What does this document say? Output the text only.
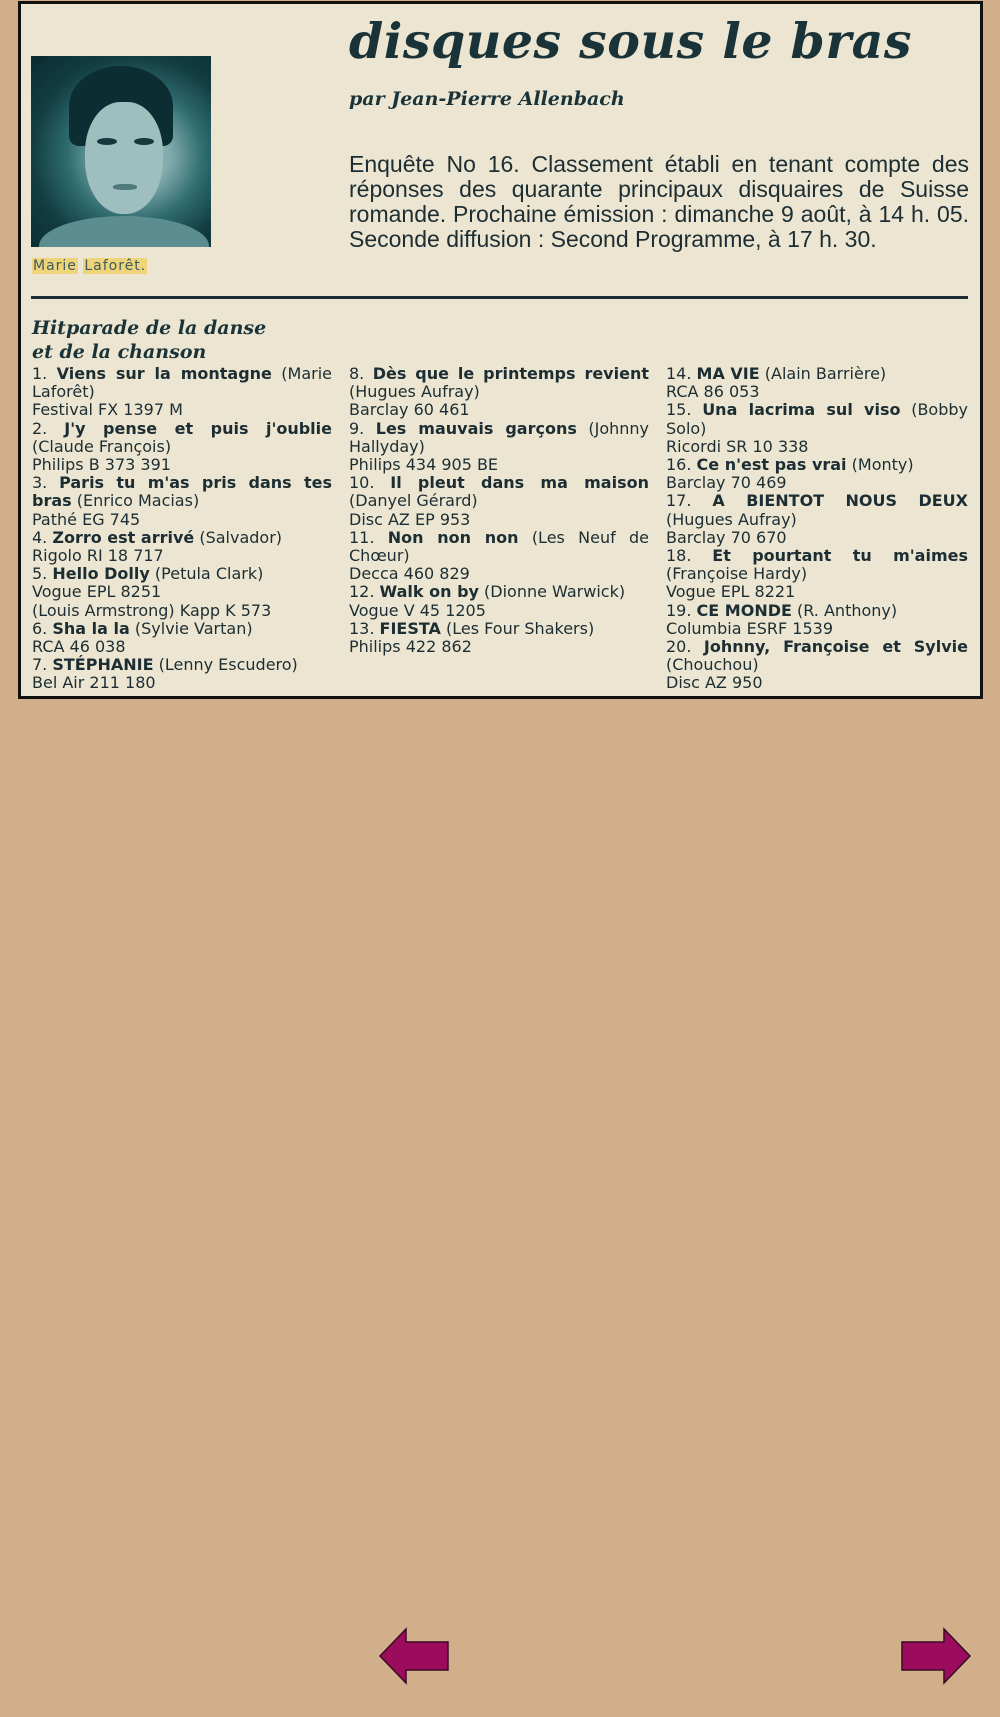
Marie Laforêt.
disques sous le bras
par Jean-Pierre Allenbach
Enquête No 16. Classement établi en tenant compte des réponses des quarante principaux disquaires de Suisse romande. Prochaine émission : dimanche 9 août, à 14 h. 05. Seconde diffusion : Second Programme, à 17 h. 30.
Hitparade de la danse
et de la chanson

1. Viens sur la montagne (Marie Laforêt)
Festival FX 1397 M

2. J'y pense et puis j'oublie (Claude François)
Philips B 373 391

3. Paris tu m'as pris dans tes bras (Enrico Macias)
Pathé EG 745

4. Zorro est arrivé (Salvador)
Rigolo RI 18 717

5. Hello Dolly (Petula Clark)
Vogue EPL 8251
(Louis Armstrong) Kapp K 573

6. Sha la la (Sylvie Vartan)
RCA 46 038

7. STÉPHANIE (Lenny Escudero)
Bel Air 211 180

8. Dès que le printemps revient (Hugues Aufray)
Barclay 60 461

9. Les mauvais garçons (Johnny Hallyday)
Philips 434 905 BE

10. Il pleut dans ma maison (Danyel Gérard)
Disc AZ EP 953

11. Non non non (Les Neuf de Chœur)
Decca 460 829

12. Walk on by (Dionne Warwick)
Vogue V 45 1205

13. FIESTA (Les Four Shakers)
Philips 422 862

14. MA VIE (Alain Barrière)
RCA 86 053

15. Una lacrima sul viso (Bobby Solo)
Ricordi SR 10 338

16. Ce n'est pas vrai (Monty)
Barclay 70 469

17. A BIENTOT NOUS DEUX (Hugues Aufray)
Barclay 70 670

18. Et pourtant tu m'aimes (Françoise Hardy)
Vogue EPL 8221

19. CE MONDE (R. Anthony)
Columbia ESRF 1539

20. Johnny, Françoise et Sylvie (Chouchou)
Disc AZ 950
